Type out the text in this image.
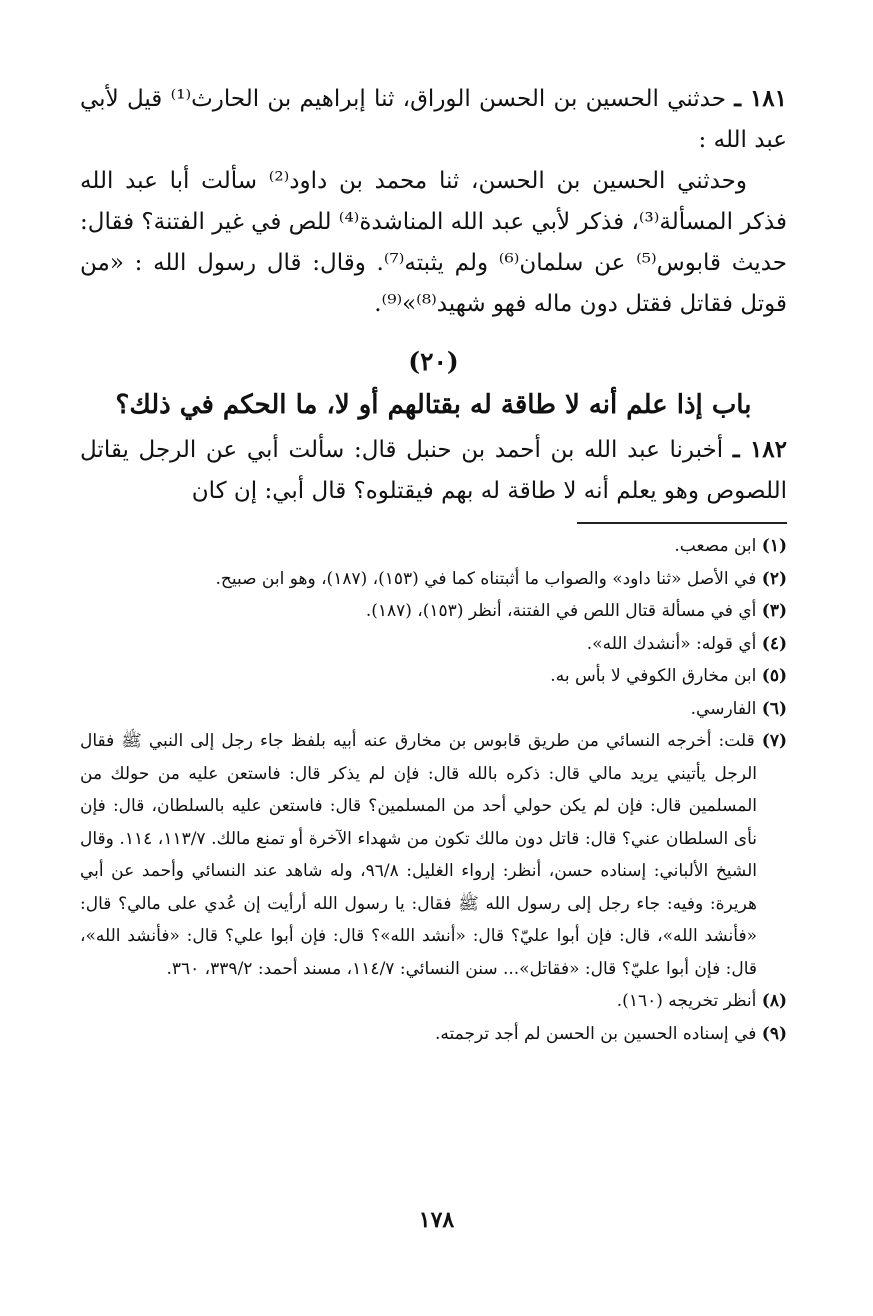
١٨١ ـ حدثني الحسين بن الحسن الوراق، ثنا إبراهيم بن الحارث⁽¹⁾ قيل لأبي عبد الله :

وحدثني الحسين بن الحسن، ثنا محمد بن داود⁽²⁾ سألت أبا عبد الله فذكر المسألة⁽³⁾، فذكر لأبي عبد الله المناشدة⁽⁴⁾ للص في غير الفتنة؟ فقال: حديث قابوس⁽⁵⁾ عن سلمان⁽⁶⁾ ولم يثبته⁽⁷⁾. وقال: قال رسول الله : «من قوتل فقاتل فقتل دون ماله فهو شهيد⁽⁸⁾»⁽⁹⁾.

(٢٠)
باب إذا علم أنه لا طاقة له بقتالهم أو لا، ما الحكم في ذلك؟

١٨٢ ـ أخبرنا عبد الله بن أحمد بن حنبل قال: سألت أبي عن الرجل يقاتل اللصوص وهو يعلم أنه لا طاقة له بهم فيقتلوه؟ قال أبي: إن كان

(١) ابن مصعب.

(٢) في الأصل «ثنا داود» والصواب ما أثبتناه كما في (١٥٣)، (١٨٧)، وهو ابن صبيح.

(٣) أي في مسألة قتال اللص في الفتنة، أنظر (١٥٣)، (١٨٧).

(٤) أي قوله: «أنشدك الله».

(٥) ابن مخارق الكوفي لا بأس به.

(٦) الفارسي.

(٧) قلت: أخرجه النسائي من طريق قابوس بن مخارق عنه أبيه بلفظ جاء رجل إلى النبي ﷺ فقال الرجل يأتيني يريد مالي قال: ذكره بالله قال: فإن لم يذكر قال: فاستعن عليه من حولك من المسلمين قال: فإن لم يكن حولي أحد من المسلمين؟ قال: فاستعن عليه بالسلطان، قال: فإن نأى السلطان عني؟ قال: قاتل دون مالك تكون من شهداء الآخرة أو تمنع مالك. ١١٣/٧، ١١٤. وقال الشيخ الألباني: إسناده حسن، أنظر: إرواء الغليل: ٩٦/٨، وله شاهد عند النسائي وأحمد عن أبي هريرة: وفيه: جاء رجل إلى رسول الله ﷺ فقال: يا رسول الله أرأيت إن عُدي على مالي؟ قال: «فأنشد الله»، قال: فإن أبوا عليّ؟ قال: «أنشد الله»؟ قال: فإن أبوا علي؟ قال: «فأنشد الله»، قال: فإن أبوا عليّ؟ قال: «فقاتل»... سنن النسائي: ١١٤/٧، مسند أحمد: ٣٣٩/٢، ٣٦٠.

(٨) أنظر تخريجه (١٦٠).

(٩) في إسناده الحسين بن الحسن لم أجد ترجمته.

١٧٨
